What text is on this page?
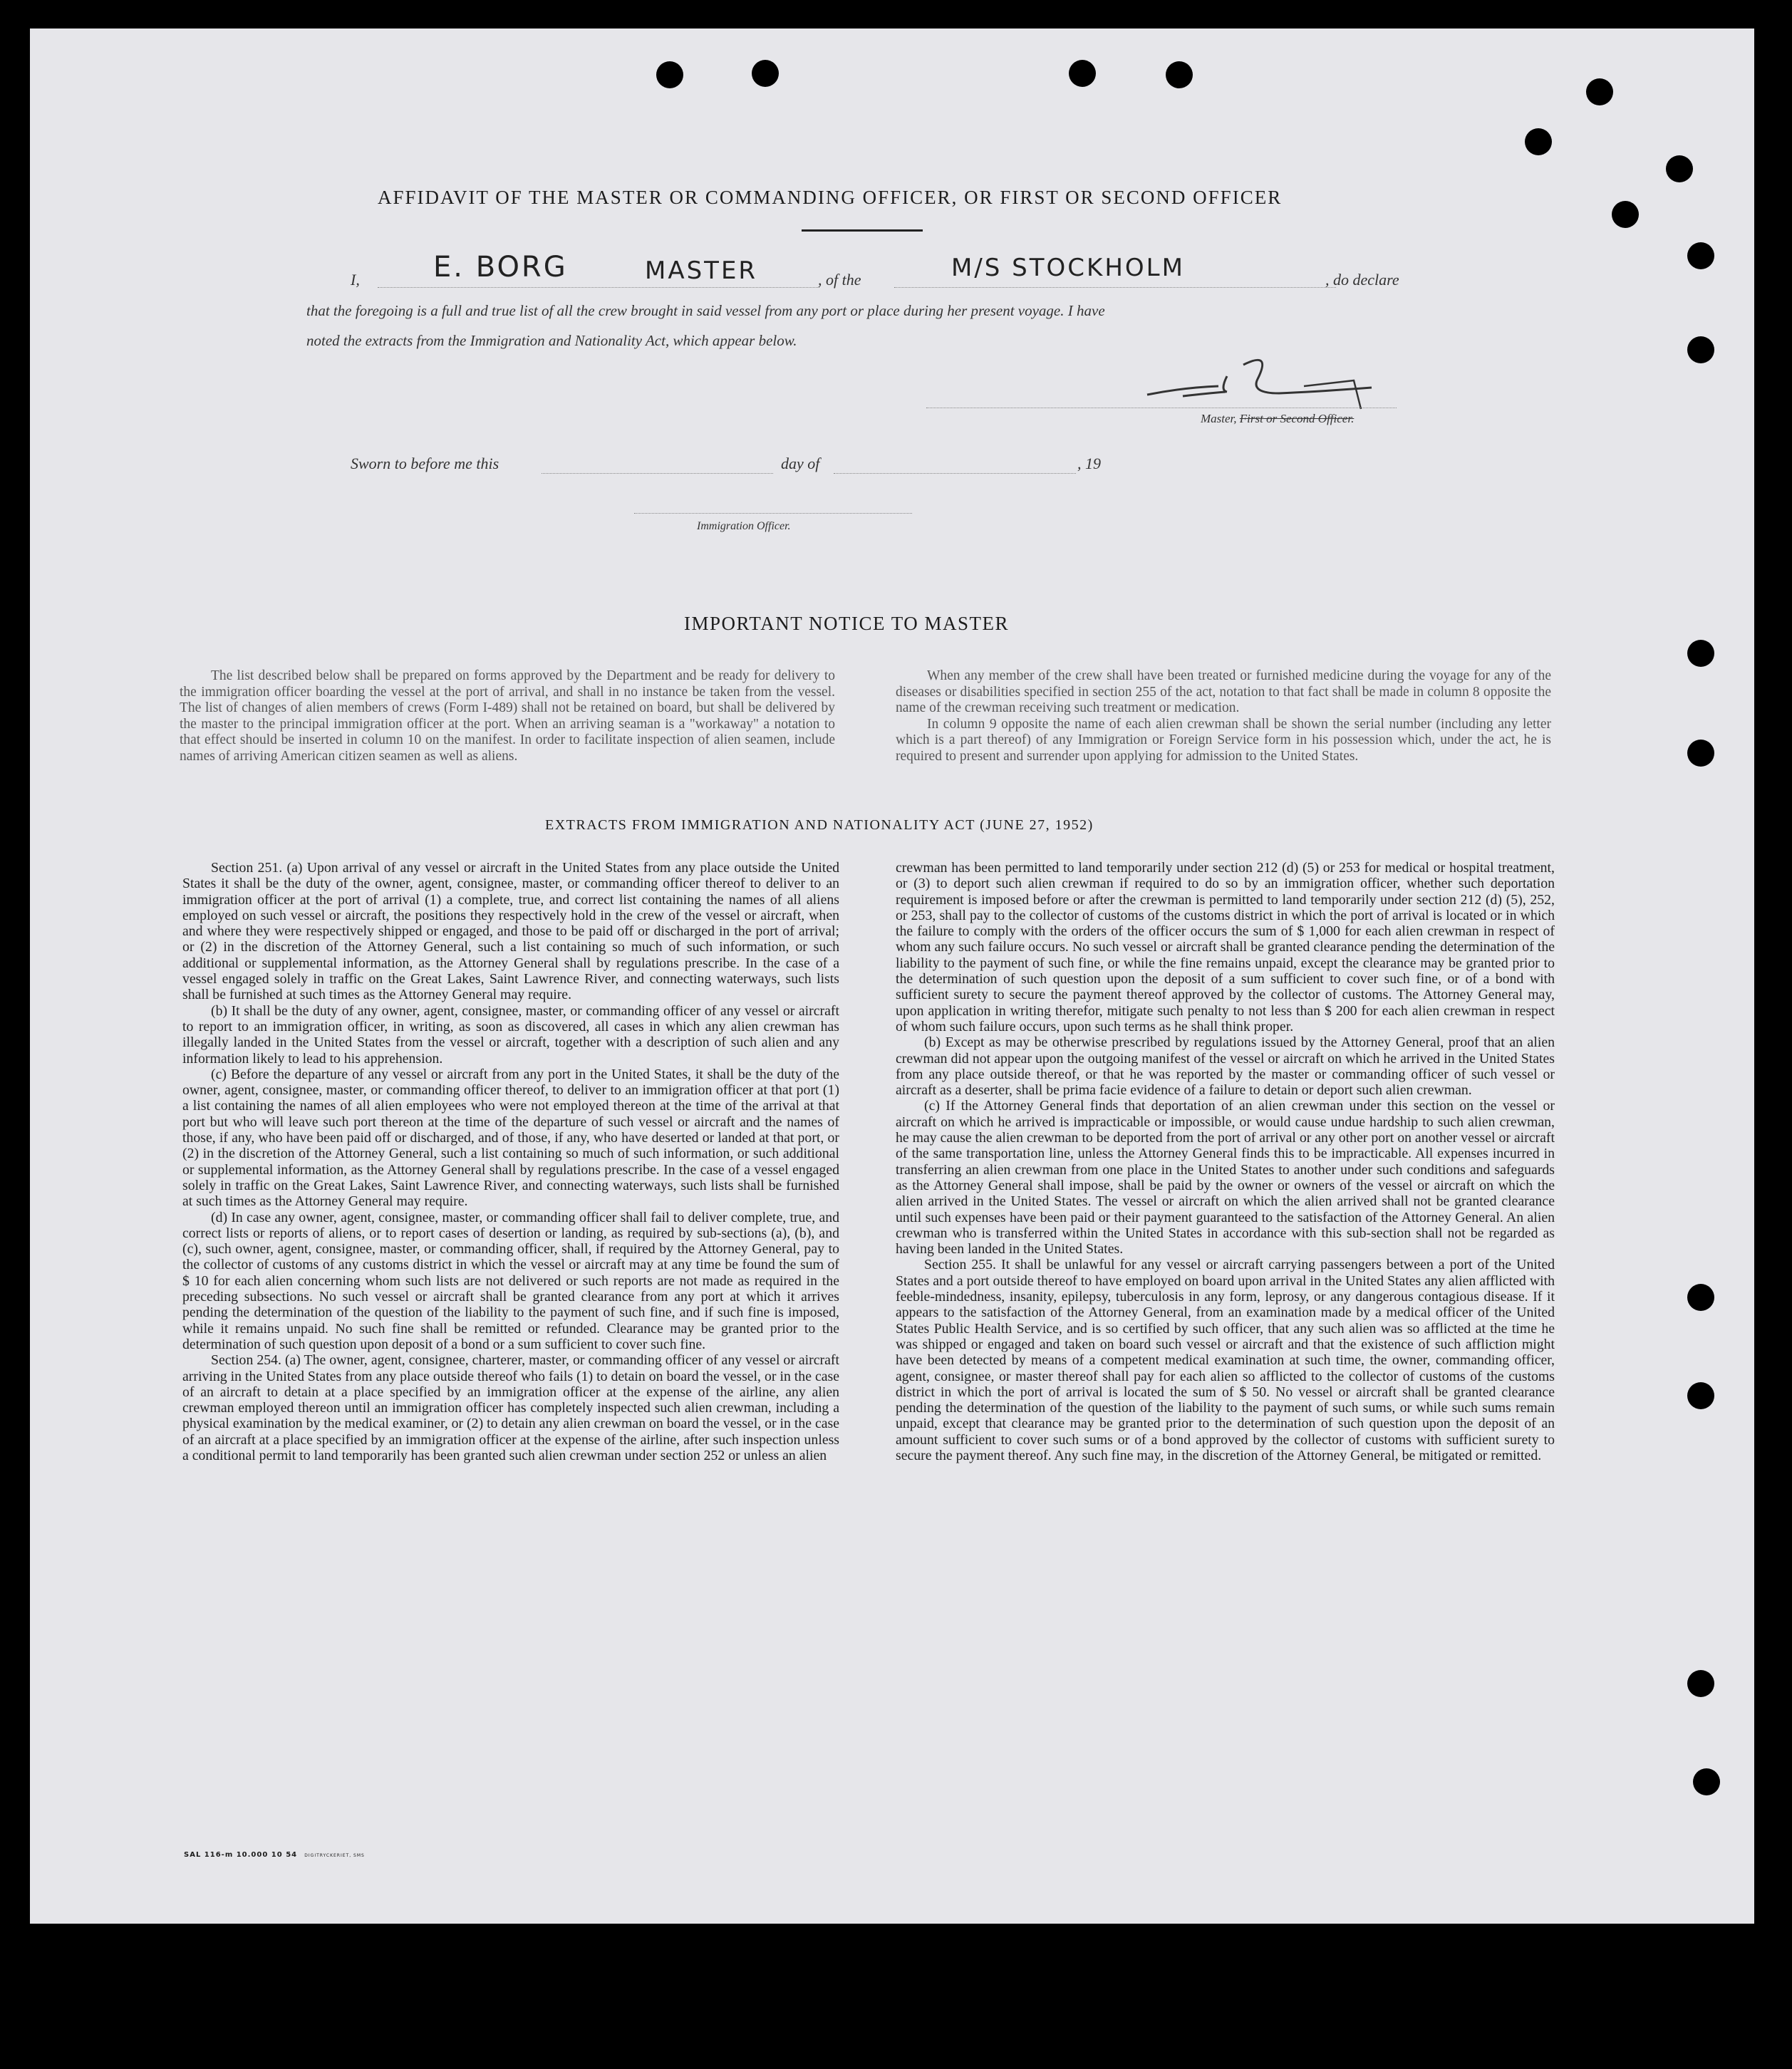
AFFIDAVIT OF THE MASTER OR COMMANDING OFFICER, OR FIRST OR SECOND OFFICER
I,	E. BORG	MASTER	, of the	M/S STOCKHOLM	, do declare
that the foregoing is a full and true list of all the crew brought in said vessel from any port or place during her present voyage. I have
noted the extracts from the Immigration and Nationality Act, which appear below.
Master, First or Second Officer.
Sworn to before me this	day of	, 19
Immigration Officer.
IMPORTANT NOTICE TO MASTER
The list described below shall be prepared on forms approved by the Department and be ready for delivery to the immigration officer boarding the vessel at the port of arrival, and shall in no instance be taken from the vessel. The list of changes of alien members of crews (Form I-489) shall not be retained on board, but shall be delivered by the master to the principal immigration officer at the port. When an arriving seaman is a "workaway" a notation to that effect should be inserted in column 10 on the manifest. In order to facilitate inspection of alien seamen, include names of arriving American citizen seamen as well as aliens.
When any member of the crew shall have been treated or furnished medicine during the voyage for any of the diseases or disabilities specified in section 255 of the act, notation to that fact shall be made in column 8 opposite the name of the crewman receiving such treatment or medication.
In column 9 opposite the name of each alien crewman shall be shown the serial number (including any letter which is a part thereof) of any Immigration or Foreign Service form in his possession which, under the act, he is required to present and surrender upon applying for admission to the United States.
EXTRACTS FROM IMMIGRATION AND NATIONALITY ACT (JUNE 27, 1952)

Section 251. (a) Upon arrival of any vessel or aircraft in the United States from any place outside the United States it shall be the duty of the owner, agent, consignee, master, or commanding officer thereof to deliver to an immigration officer at the port of arrival (1) a complete, true, and correct list containing the names of all aliens employed on such vessel or aircraft, the positions they respectively hold in the crew of the vessel or aircraft, when and where they were respectively shipped or engaged, and those to be paid off or discharged in the port of arrival; or (2) in the discretion of the Attorney General, such a list containing so much of such information, or such additional or supplemental information, as the Attorney General shall by regulations prescribe. In the case of a vessel engaged solely in traffic on the Great Lakes, Saint Lawrence River, and connecting waterways, such lists shall be furnished at such times as the Attorney General may require.

(b) It shall be the duty of any owner, agent, consignee, master, or commanding officer of any vessel or aircraft to report to an immigration officer, in writing, as soon as discovered, all cases in which any alien crewman has illegally landed in the United States from the vessel or aircraft, together with a description of such alien and any information likely to lead to his apprehension.

(c) Before the departure of any vessel or aircraft from any port in the United States, it shall be the duty of the owner, agent, consignee, master, or commanding officer thereof, to deliver to an immigration officer at that port (1) a list containing the names of all alien employees who were not employed thereon at the time of the arrival at that port but who will leave such port thereon at the time of the departure of such vessel or aircraft and the names of those, if any, who have been paid off or discharged, and of those, if any, who have deserted or landed at that port, or (2) in the discretion of the Attorney General, such a list containing so much of such information, or such additional or supplemental information, as the Attorney General shall by regulations prescribe. In the case of a vessel engaged solely in traffic on the Great Lakes, Saint Lawrence River, and connecting waterways, such lists shall be furnished at such times as the Attorney General may require.

(d) In case any owner, agent, consignee, master, or commanding officer shall fail to deliver complete, true, and correct lists or reports of aliens, or to report cases of desertion or landing, as required by sub-sections (a), (b), and (c), such owner, agent, consignee, master, or commanding officer, shall, if required by the Attorney General, pay to the collector of customs of any customs district in which the vessel or aircraft may at any time be found the sum of $ 10 for each alien concerning whom such lists are not delivered or such reports are not made as required in the preceding subsections. No such vessel or aircraft shall be granted clearance from any port at which it arrives pending the determination of the question of the liability to the payment of such fine, and if such fine is imposed, while it remains unpaid. No such fine shall be remitted or refunded. Clearance may be granted prior to the determination of such question upon deposit of a bond or a sum sufficient to cover such fine.

Section 254. (a) The owner, agent, consignee, charterer, master, or commanding officer of any vessel or aircraft arriving in the United States from any place outside thereof who fails (1) to detain on board the vessel, or in the case of an aircraft to detain at a place specified by an immigration officer at the expense of the airline, any alien crewman employed thereon until an immigration officer has completely inspected such alien crewman, including a physical examination by the medical examiner, or (2) to detain any alien crewman on board the vessel, or in the case of an aircraft at a place specified by an immigration officer at the expense of the airline, after such inspection unless a conditional permit to land temporarily has been granted such alien crewman under section 252 or unless an alien

crewman has been permitted to land temporarily under section 212 (d) (5) or 253 for medical or hospital treatment, or (3) to deport such alien crewman if required to do so by an immigration officer, whether such deportation requirement is imposed before or after the crewman is permitted to land temporarily under section 212 (d) (5), 252, or 253, shall pay to the collector of customs of the customs district in which the port of arrival is located or in which the failure to comply with the orders of the officer occurs the sum of $ 1,000 for each alien crewman in respect of whom any such failure occurs. No such vessel or aircraft shall be granted clearance pending the determination of the liability to the payment of such fine, or while the fine remains unpaid, except the clearance may be granted prior to the determination of such question upon the deposit of a sum sufficient to cover such fine, or of a bond with sufficient surety to secure the payment thereof approved by the collector of customs. The Attorney General may, upon application in writing therefor, mitigate such penalty to not less than $ 200 for each alien crewman in respect of whom such failure occurs, upon such terms as he shall think proper.

(b) Except as may be otherwise prescribed by regulations issued by the Attorney General, proof that an alien crewman did not appear upon the outgoing manifest of the vessel or aircraft on which he arrived in the United States from any place outside thereof, or that he was reported by the master or commanding officer of such vessel or aircraft as a deserter, shall be prima facie evidence of a failure to detain or deport such alien crewman.

(c) If the Attorney General finds that deportation of an alien crewman under this section on the vessel or aircraft on which he arrived is impracticable or impossible, or would cause undue hardship to such alien crewman, he may cause the alien crewman to be deported from the port of arrival or any other port on another vessel or aircraft of the same transportation line, unless the Attorney General finds this to be impracticable. All expenses incurred in transferring an alien crewman from one place in the United States to another under such conditions and safeguards as the Attorney General shall impose, shall be paid by the owner or owners of the vessel or aircraft on which the alien arrived in the United States. The vessel or aircraft on which the alien arrived shall not be granted clearance until such expenses have been paid or their payment guaranteed to the satisfaction of the Attorney General. An alien crewman who is transferred within the United States in accordance with this sub-section shall not be regarded as having been landed in the United States.

Section 255. It shall be unlawful for any vessel or aircraft carrying passengers between a port of the United States and a port outside thereof to have employed on board upon arrival in the United States any alien afflicted with feeble-mindedness, insanity, epilepsy, tuberculosis in any form, leprosy, or any dangerous contagious disease. If it appears to the satisfaction of the Attorney General, from an examination made by a medical officer of the United States Public Health Service, and is so certified by such officer, that any such alien was so afflicted at the time he was shipped or engaged and taken on board such vessel or aircraft and that the existence of such affliction might have been detected by means of a competent medical examination at such time, the owner, commanding officer, agent, consignee, or master thereof shall pay for each alien so afflicted to the collector of customs of the customs district in which the port of arrival is located the sum of $ 50. No vessel or aircraft shall be granted clearance pending the determination of the question of the liability to the payment of such sums, or while such sums remain unpaid, except that clearance may be granted prior to the determination of such question upon the deposit of an amount sufficient to cover such sums or of a bond approved by the collector of customs with sufficient surety to secure the payment thereof. Any such fine may, in the discretion of the Attorney General, be mitigated or remitted.

SAL 116-m 10.000 10 54 DIGITRYCKERIET, SMS
